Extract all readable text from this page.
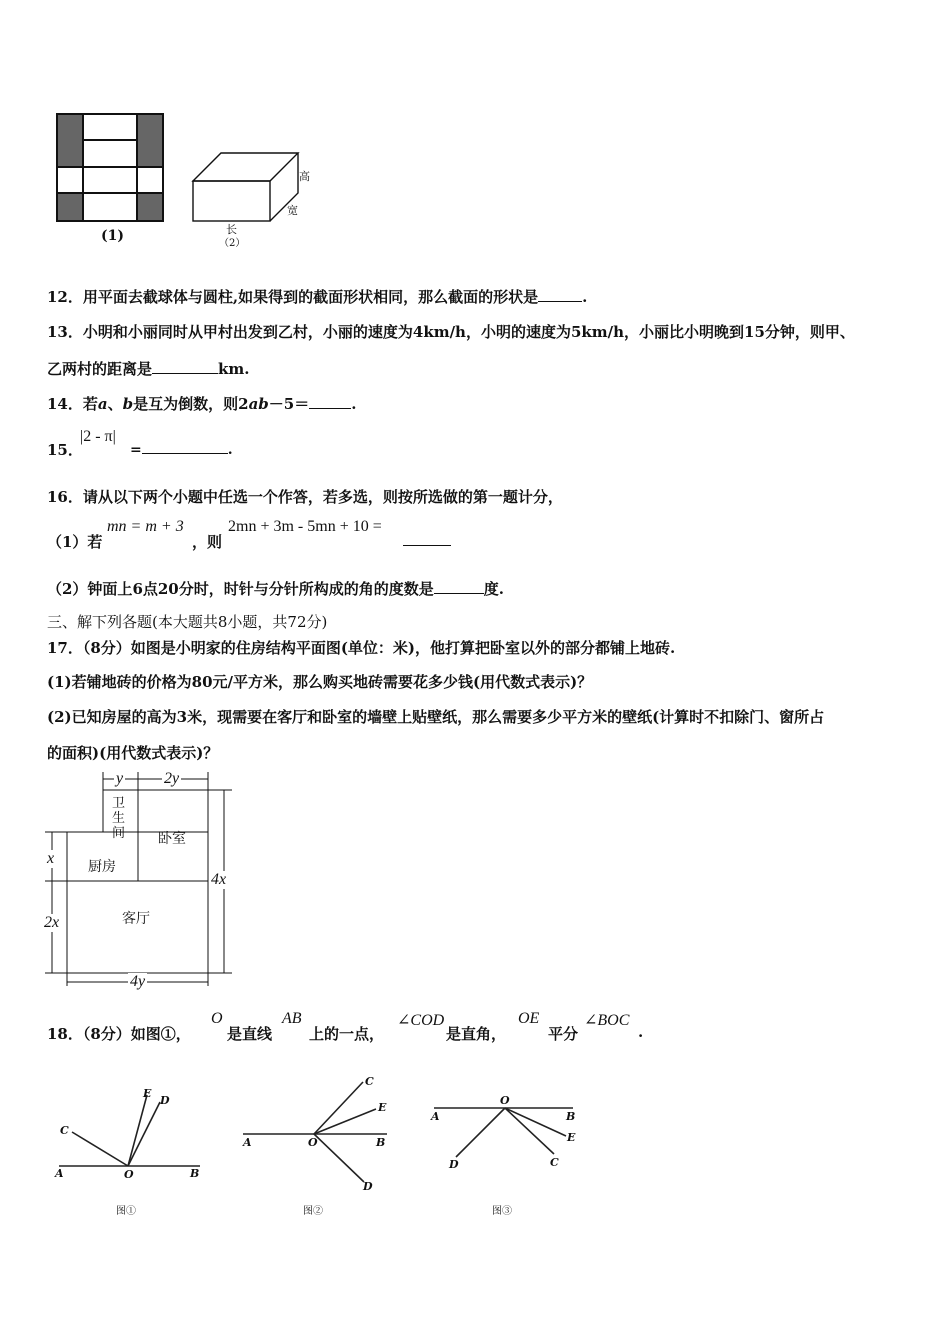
(1)
高
宽
长
（2）
12．用平面去截球体与圆柱,如果得到的截面形状相同，那么截面的形状是	.
13．小明和小丽同时从甲村出发到乙村，小丽的速度为4km/h，小明的速度为5km/h，小丽比小明晚到15分钟，则甲、
乙两村的距离是	km.
14．若a、b是互为倒数，则2ab－5＝	.
15．
|2 - π|
=	.
16．请从以下两个小题中任选一个作答，若多选，则按所选做的第一题计分，
（1）若
mn = m + 3
，则
2mn + 3m - 5mn + 10 =
（2）钟面上6点20分时，时针与分针所构成的角的度数是	度.
三、解下列各题(本大题共8小题，共72分)
17．（8分）如图是小明家的住房结构平面图(单位：米)，他打算把卧室以外的部分都铺上地砖.
(1)若铺地砖的价格为80元/平方米，那么购买地砖需要花多少钱(用代数式表示)？
(2)已知房屋的高为3米，现需要在客厅和卧室的墙壁上贴壁纸，那么需要多少平方米的壁纸(计算时不扣除门、窗所占
的面积)(用代数式表示)？
y	2y
x
2x
4x
4y
卫
生
间 卧室
厨房
客厅
18．（8分）如图①，
O
是直线
AB
上的一点，
∠COD
是直角，
OE
平分
∠BOC
.
C
E
D
A	O	B
图①
C
E
A	O	B
D
图②
A
O
B
E
D	C
图③
